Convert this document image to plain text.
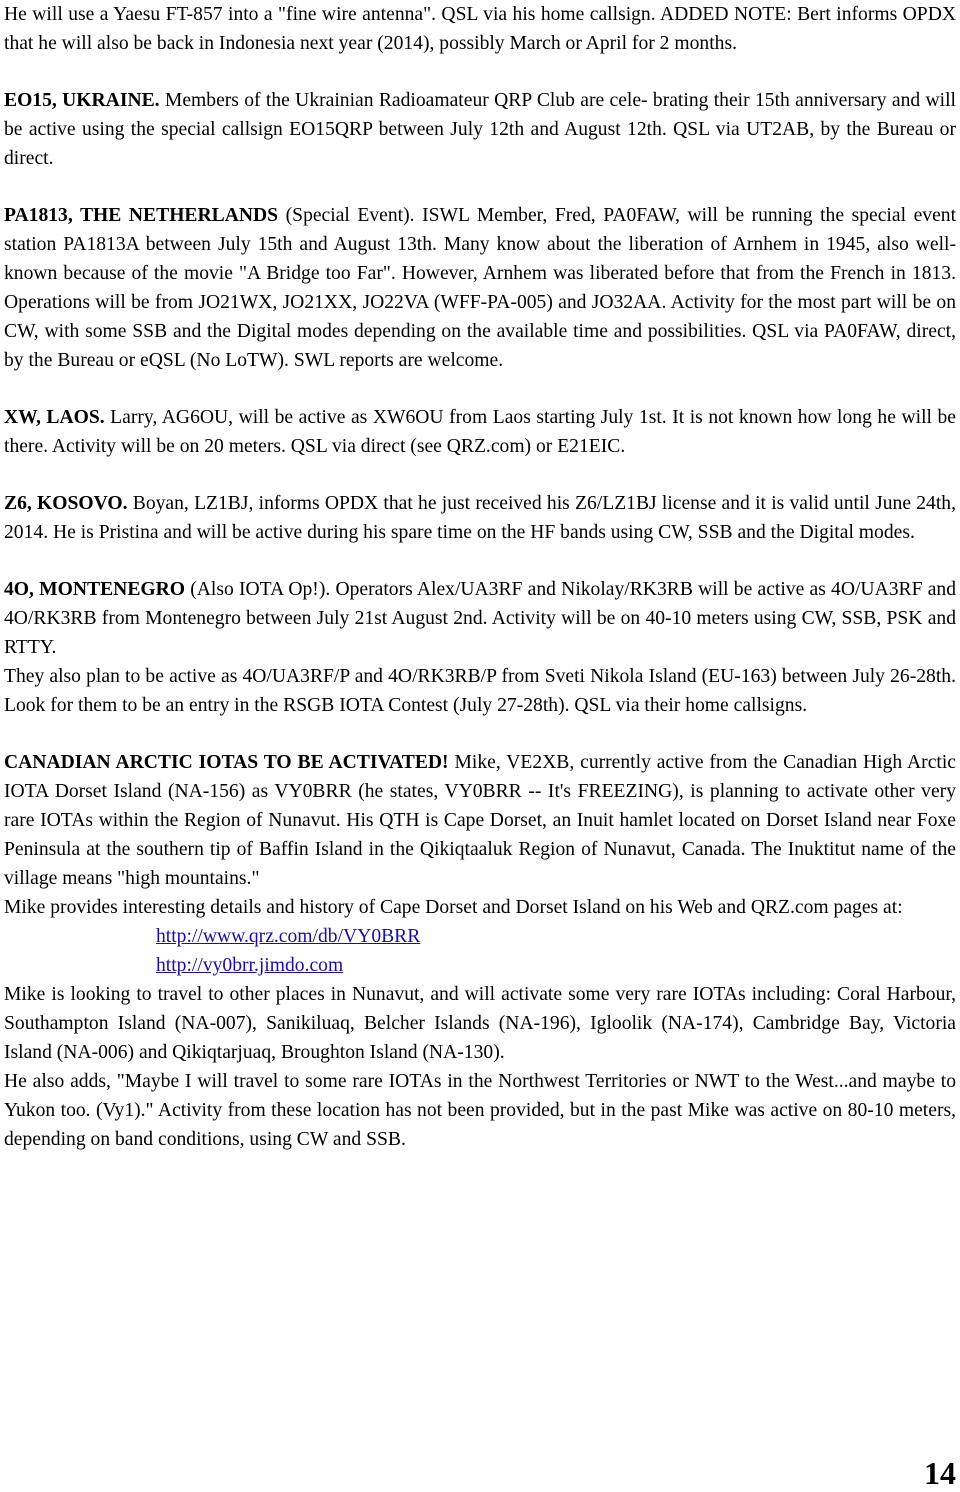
He will use a Yaesu FT-857 into a "fine wire antenna". QSL via his home callsign. ADDED NOTE: Bert informs OPDX that he will also be back in Indonesia next year (2014), possibly March or April for 2 months.

EO15, UKRAINE. Members of the Ukrainian Radioamateur QRP Club are cele- brating their 15th anniversary and will be active using the special callsign EO15QRP between July 12th and August 12th. QSL via UT2AB, by the Bureau or direct.

PA1813, THE NETHERLANDS (Special Event). ISWL Member, Fred, PA0FAW, will be running the special event station PA1813A between July 15th and August 13th. Many know about the liberation of Arnhem in 1945, also well-known because of the movie "A Bridge too Far". However, Arnhem was liberated before that from the French in 1813. Operations will be from JO21WX, JO21XX, JO22VA (WFF-PA-005) and JO32AA. Activity for the most part will be on CW, with some SSB and the Digital modes depending on the available time and possibilities. QSL via PA0FAW, direct, by the Bureau or eQSL (No LoTW). SWL reports are welcome.

XW, LAOS. Larry, AG6OU, will be active as XW6OU from Laos starting July 1st. It is not known how long he will be there. Activity will be on 20 meters. QSL via direct (see QRZ.com) or E21EIC.

Z6, KOSOVO. Boyan, LZ1BJ, informs OPDX that he just received his Z6/LZ1BJ license and it is valid until June 24th, 2014. He is Pristina and will be active during his spare time on the HF bands using CW, SSB and the Digital modes.

4O, MONTENEGRO (Also IOTA Op!). Operators Alex/UA3RF and Nikolay/RK3RB will be active as 4O/UA3RF and 4O/RK3RB from Montenegro between July 21st August 2nd. Activity will be on 40-10 meters using CW, SSB, PSK and RTTY.

They also plan to be active as 4O/UA3RF/P and 4O/RK3RB/P from Sveti Nikola Island (EU-163) between July 26-28th. Look for them to be an entry in the RSGB IOTA Contest (July 27-28th). QSL via their home callsigns.

CANADIAN ARCTIC IOTAS TO BE ACTIVATED! Mike, VE2XB, currently active from the Canadian High Arctic IOTA Dorset Island (NA-156) as VY0BRR (he states, VY0BRR -- It's FREEZING), is planning to activate other very rare IOTAs within the Region of Nunavut. His QTH is Cape Dorset, an Inuit hamlet located on Dorset Island near Foxe Peninsula at the southern tip of Baffin Island in the Qikiqtaaluk Region of Nunavut, Canada. The Inuktitut name of the village means "high mountains."

Mike provides interesting details and history of Cape Dorset and Dorset Island on his Web and QRZ.com pages at:

http://www.qrz.com/db/VY0BRR
http://vy0brr.jimdo.com

Mike is looking to travel to other places in Nunavut, and will activate some very rare IOTAs including: Coral Harbour, Southampton Island (NA-007), Sanikiluaq, Belcher Islands (NA-196), Igloolik (NA-174), Cambridge Bay, Victoria Island (NA-006) and Qikiqtarjuaq, Broughton Island (NA-130).

He also adds, "Maybe I will travel to some rare IOTAs in the Northwest Territories or NWT to the West...and maybe to Yukon too. (Vy1)." Activity from these location has not been provided, but in the past Mike was active on 80-10 meters, depending on band conditions, using CW and SSB.

14
